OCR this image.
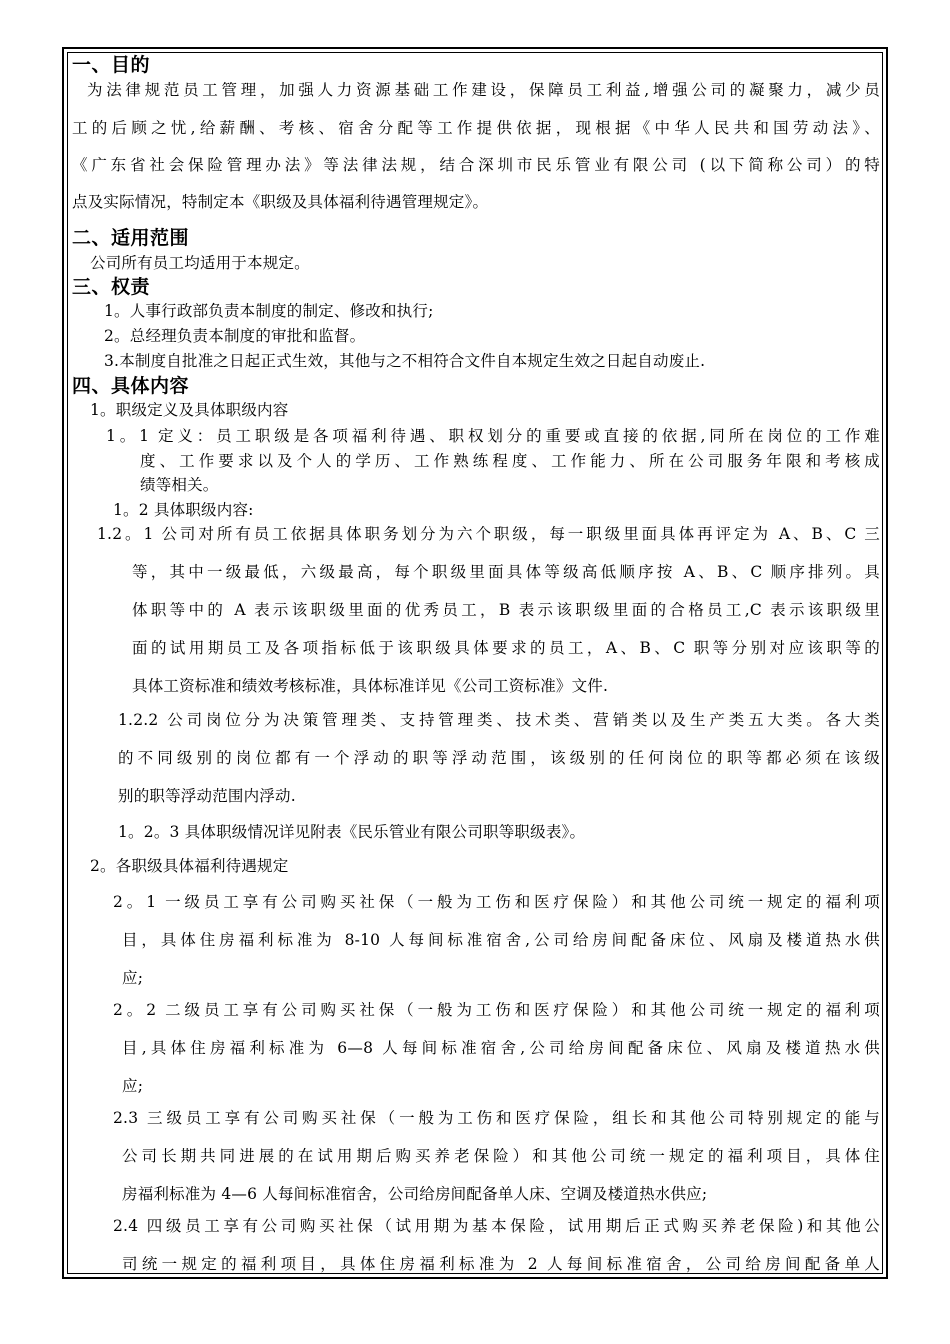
一、目的
为法律规范员工管理，加强人力资源基础工作建设，保障员工利益,增强公司的凝聚力，减少员
工的后顾之忧,给薪酬、考核、宿舍分配等工作提供依据，现根据《中华人民共和国劳动法》、
《广东省社会保险管理办法》等法律法规，结合深圳市民乐管业有限公司 (以下简称公司）的特
点及实际情况，特制定本《职级及具体福利待遇管理规定》。
二、适用范围
公司所有员工均适用于本规定。
三、权责
1。人事行政部负责本制度的制定、修改和执行;
2。总经理负责本制度的审批和监督。
3.本制度自批准之日起正式生效，其他与之不相符合文件自本规定生效之日起自动废止.
四、具体内容
1。职级定义及具体职级内容
1。1 定义：员工职级是各项福利待遇、职权划分的重要或直接的依据,同所在岗位的工作难
度、工作要求以及个人的学历、工作熟练程度、工作能力、所在公司服务年限和考核成
绩等相关。
1。2 具体职级内容:
1.2。1 公司对所有员工依据具体职务划分为六个职级，每一职级里面具体再评定为 A、B、C 三
等，其中一级最低，六级最高，每个职级里面具体等级高低顺序按 A、B、C 顺序排列。具
体职等中的 A 表示该职级里面的优秀员工，B 表示该职级里面的合格员工,C 表示该职级里
面的试用期员工及各项指标低于该职级具体要求的员工，A、B、C 职等分别对应该职等的
具体工资标准和绩效考核标准，具体标准详见《公司工资标准》文件.
1.2.2 公司岗位分为决策管理类、支持管理类、技术类、营销类以及生产类五大类。各大类
的不同级别的岗位都有一个浮动的职等浮动范围，该级别的任何岗位的职等都必须在该级
别的职等浮动范围内浮动.
1。2。3 具体职级情况详见附表《民乐管业有限公司职等职级表》。
2。各职级具体福利待遇规定
2。1 一级员工享有公司购买社保（一般为工伤和医疗保险）和其他公司统一规定的福利项
目，具体住房福利标准为 8-10 人每间标准宿舍,公司给房间配备床位、风扇及楼道热水供
应;
2。2 二级员工享有公司购买社保（一般为工伤和医疗保险）和其他公司统一规定的福利项
目,具体住房福利标准为 6—8 人每间标准宿舍,公司给房间配备床位、风扇及楼道热水供
应;
2.3 三级员工享有公司购买社保（一般为工伤和医疗保险，组长和其他公司特别规定的能与
公司长期共同进展的在试用期后购买养老保险）和其他公司统一规定的福利项目，具体住
房福利标准为 4—6 人每间标准宿舍，公司给房间配备单人床、空调及楼道热水供应;
2.4 四级员工享有公司购买社保（试用期为基本保险，试用期后正式购买养老保险)和其他公
司统一规定的福利项目，具体住房福利标准为 2 人每间标准宿舍，公司给房间配备单人
